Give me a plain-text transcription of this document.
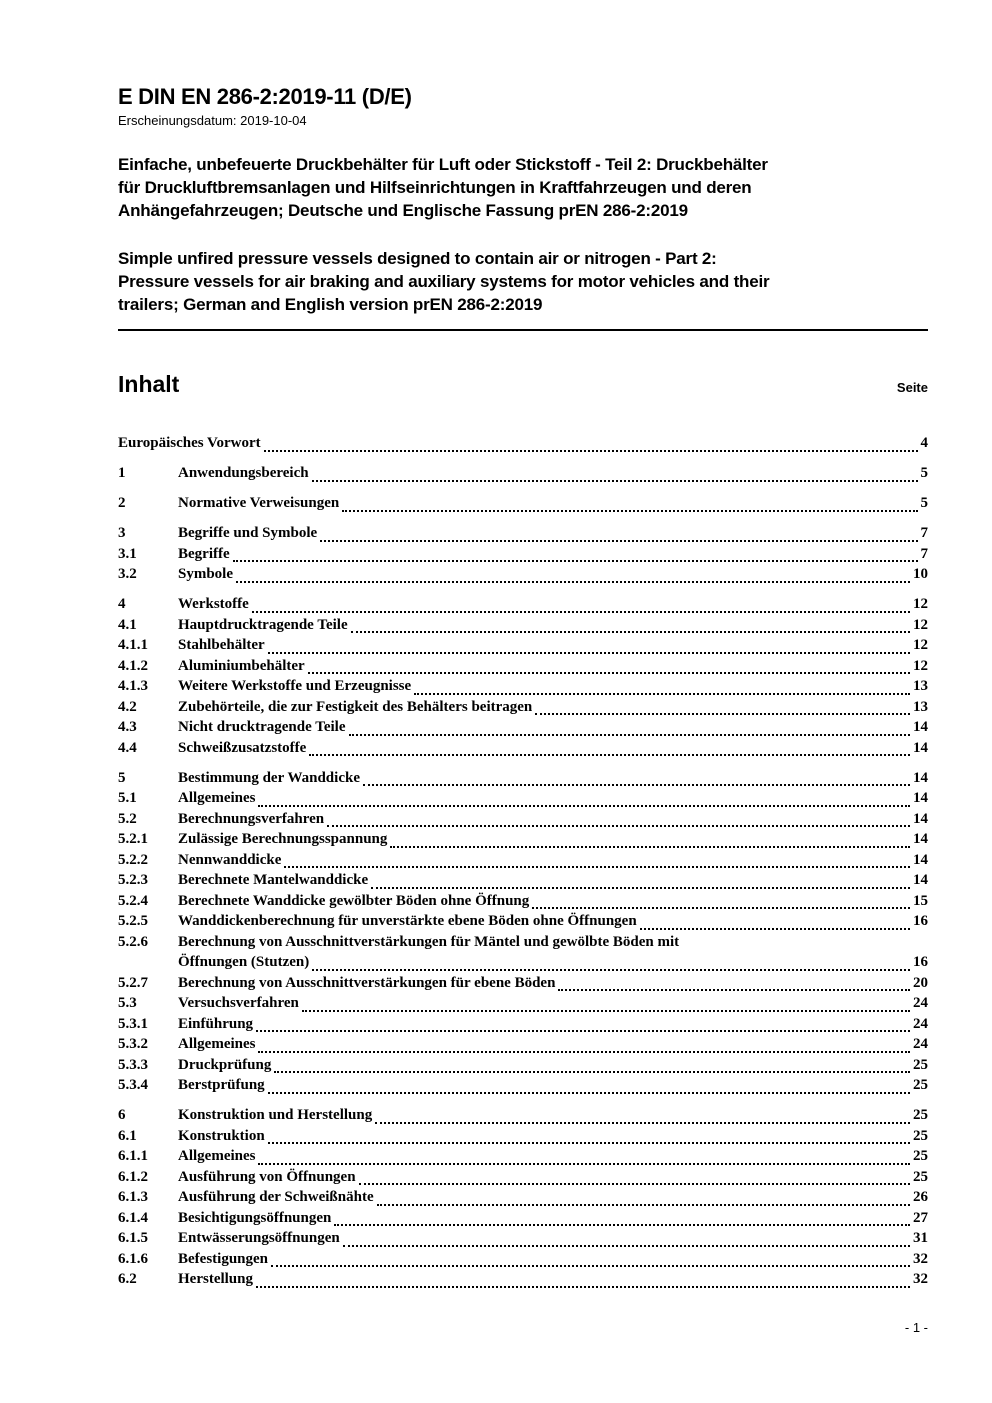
E DIN EN 286-2:2019-11 (D/E)
Erscheinungsdatum: 2019-10-04
Einfache, unbefeuerte Druckbehälter für Luft oder Stickstoff - Teil 2: Druckbehälter
für Druckluftbremsanlagen und Hilfseinrichtungen in Kraftfahrzeugen und deren
Anhängefahrzeugen; Deutsche und Englische Fassung prEN 286-2:2019
Simple unfired pressure vessels designed to contain air or nitrogen - Part 2:
Pressure vessels for air braking and auxiliary systems for motor vehicles and their
trailers; German and English version prEN 286-2:2019
Inhalt	Seite
Europäisches Vorwort	4
1	Anwendungsbereich	5
2	Normative Verweisungen	5
3	Begriffe und Symbole	7
3.1	Begriffe	7
3.2	Symbole	10
4	Werkstoffe	12
4.1	Hauptdrucktragende Teile	12
4.1.1	Stahlbehälter	12
4.1.2	Aluminiumbehälter	12
4.1.3	Weitere Werkstoffe und Erzeugnisse	13
4.2	Zubehörteile, die zur Festigkeit des Behälters beitragen	13
4.3	Nicht drucktragende Teile	14
4.4	Schweißzusatzstoffe	14
5	Bestimmung der Wanddicke	14
5.1	Allgemeines	14
5.2	Berechnungsverfahren	14
5.2.1	Zulässige Berechnungsspannung	14
5.2.2	Nennwanddicke	14
5.2.3	Berechnete Mantelwanddicke	14
5.2.4	Berechnete Wanddicke gewölbter Böden ohne Öffnung	15
5.2.5	Wanddickenberechnung für unverstärkte ebene Böden ohne Öffnungen	16
5.2.6	Berechnung von Ausschnittverstärkungen für Mäntel und gewölbte Böden mit
Öffnungen (Stutzen)	16
5.2.7	Berechnung von Ausschnittverstärkungen für ebene Böden	20
5.3	Versuchsverfahren	24
5.3.1	Einführung	24
5.3.2	Allgemeines	24
5.3.3	Druckprüfung	25
5.3.4	Berstprüfung	25
6	Konstruktion und Herstellung	25
6.1	Konstruktion	25
6.1.1	Allgemeines	25
6.1.2	Ausführung von Öffnungen	25
6.1.3	Ausführung der Schweißnähte	26
6.1.4	Besichtigungsöffnungen	27
6.1.5	Entwässerungsöffnungen	31
6.1.6	Befestigungen	32
6.2	Herstellung	32
- 1 -
